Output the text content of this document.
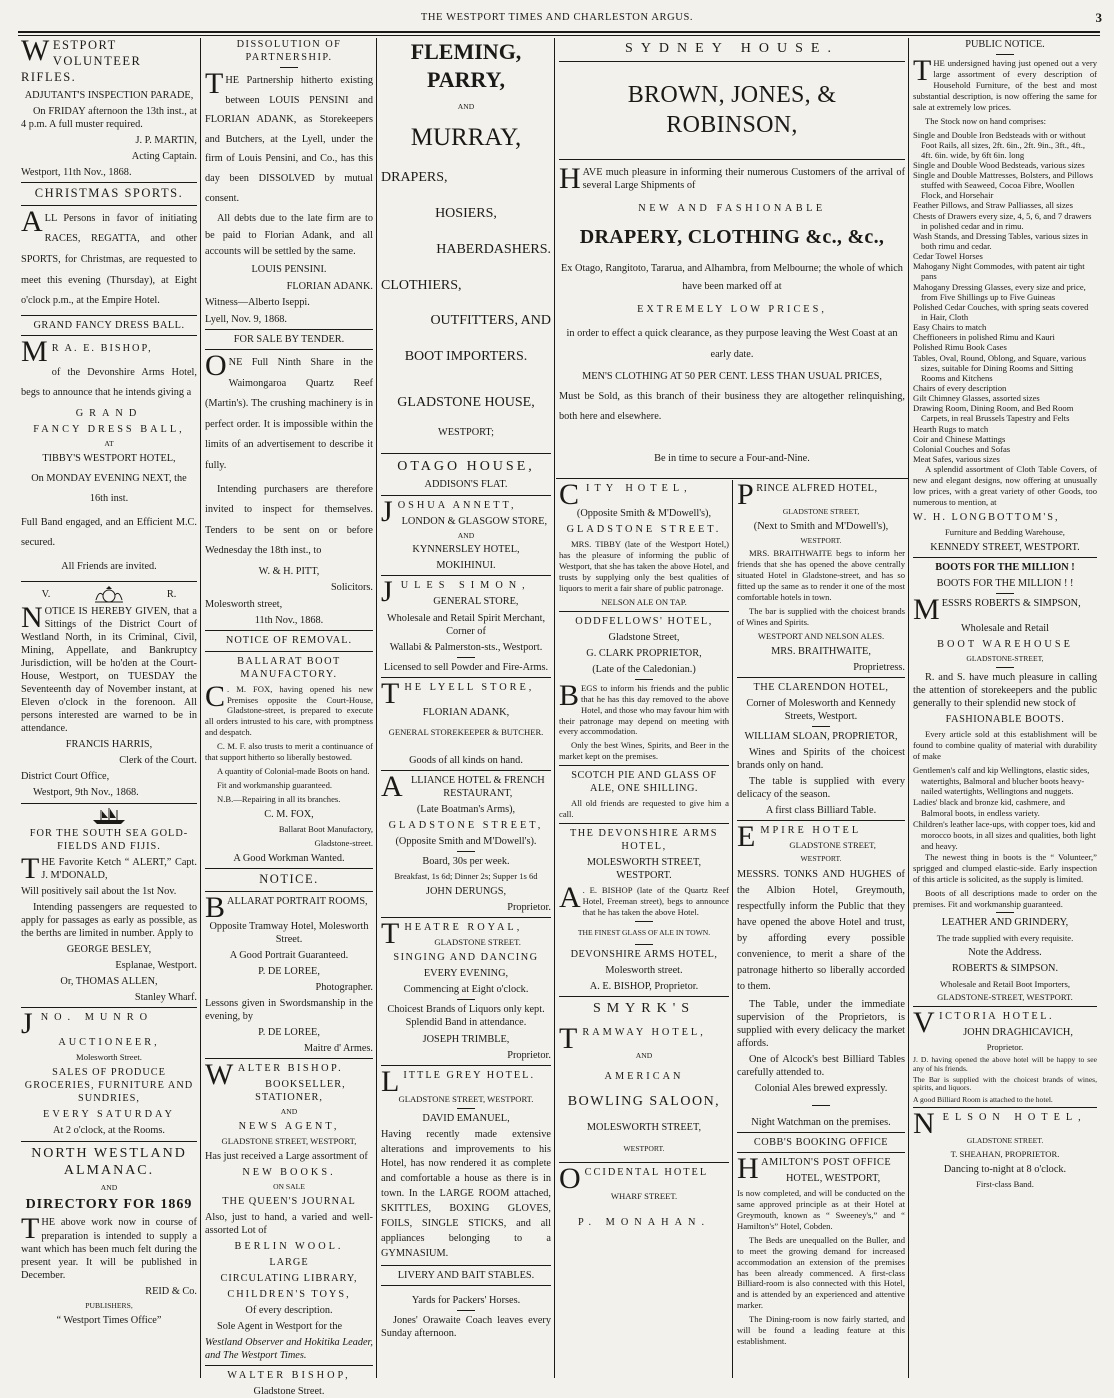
THE WESTPORT TIMES AND CHARLESTON ARGUS.	3

WESTPORT VOLUNTEER RIFLES.

ADJUTANT'S INSPECTION PARADE,

On FRIDAY afternoon the 13th inst., at 4 p.m. A full muster required.

J. P. MARTIN,

Acting Captain.

Westport, 11th Nov., 1868.

CHRISTMAS SPORTS.

ALL Persons in favor of initiating RACES, REGATTA, and other SPORTS, for Christmas, are requested to meet this evening (Thursday), at Eight o'clock p.m., at the Empire Hotel.

GRAND FANCY DRESS BALL.

M R A. E. BISHOP,

of the Devonshire Arms Hotel, begs to announce that he intends giving a

GRAND

FANCY DRESS BALL,

AT

TIBBY'S WESTPORT HOTEL,

On MONDAY EVENING NEXT, the 16th inst.

Full Band engaged, and an Efficient M.C. secured.

All Friends are invited.

V.	R.

NOTICE IS HEREBY GIVEN, that a Sittings of the District Court of Westland North, in its Criminal, Civil, Mining, Appellate, and Bankruptcy Jurisdiction, will be ho'den at the Court-House, Westport, on TUESDAY the Seventeenth day of November instant, at Eleven o'clock in the forenoon. All persons interested are warned to be in attendance.

FRANCIS HARRIS,

Clerk of the Court.

District Court Office,

Westport, 9th Nov., 1868.

FOR THE SOUTH SEA GOLD-FIELDS AND FIJIS.

THE Favorite Ketch “ ALERT,” Capt. J. M'DONALD,

Will positively sail about the 1st Nov.

Intending passengers are requested to apply for passages as early as possible, as the berths are limited in number. Apply to

GEORGE BESLEY,

Esplanae, Westport.

Or, THOMAS ALLEN,

Stanley Wharf.

JNO. MUNRO

AUCTIONEER,

Molesworth Street.

SALES OF PRODUCE GROCERIES, FURNITURE AND SUNDRIES,

EVERY SATURDAY

At 2 o'clock, at the Rooms.

NORTH WESTLAND ALMANAC.

AND

DIRECTORY FOR 1869

THE above work now in course of preparation is intended to supply a want which has been much felt during the present year. It will be published in December.

REID & Co.

PUBLISHERS,

“ Westport Times Office”

DISSOLUTION OF PARTNERSHIP.

THE Partnership hitherto existing between LOUIS PENSINI and FLORIAN ADANK, as Storekeepers and Butchers, at the Lyell, under the firm of Louis Pensini, and Co., has this day been DISSOLVED by mutual consent.

All debts due to the late firm are to be paid to Florian Adank, and all accounts will be settled by the same.

LOUIS PENSINI.

FLORIAN ADANK.

Witness—Alberto Iseppi.

Lyell, Nov. 9, 1868.

FOR SALE BY TENDER.

ONE Full Ninth Share in the Waimongaroa Quartz Reef (Martin's). The crushing machinery is in perfect order. It is impossible within the limits of an advertisement to describe it fully.

Intending purchasers are therefore invited to inspect for themselves. Tenders to be sent on or before Wednesday the 18th inst., to

W. & H. PITT,

Solicitors.

Molesworth street,

11th Nov., 1868.

NOTICE OF REMOVAL.

BALLARAT BOOT MANUFACTORY.

C . M. FOX, having opened his new Premises opposite the Court-House, Gladstone-street, is prepared to execute all orders intrusted to his care, with promptness and despatch.

C. M. F. also trusts to merit a continuance of that support hitherto so liberally bestowed.

A quantity of Colonial-made Boots on hand.

Fit and workmanship guaranteed.

N.B.—Repairing in all its branches.

C. M. FOX,

Ballarat Boot Manufactory,

Gladstone-street.

A Good Workman Wanted.

NOTICE.

BALLARAT PORTRAIT ROOMS,

Opposite Tramway Hotel, Molesworth Street.

A Good Portrait Guaranteed.

P. DE LOREE,

Photographer.

Lessons given in Swordsmanship in the evening, by

P. DE LOREE,

Maitre d' Armes.

WALTER BISHOP.

BOOKSELLER, STATIONER,

AND

NEWS AGENT,

GLADSTONE STREET, WESTPORT,

Has just received a Large assortment of

NEW BOOKS.

ON SALE

THE QUEEN'S JOURNAL

Also, just to hand, a varied and well-assorted Lot of

BERLIN WOOL.

LARGE

CIRCULATING LIBRARY,

CHILDREN'S TOYS,

Of every description.

Sole Agent in Westport for the

Westland Observer and Hokitika Leader, and The Westport Times.

WALTER BISHOP,

Gladstone Street.

FLEMING, PARRY,

AND

MURRAY,

DRAPERS,

HOSIERS,

HABERDASHERS.

CLOTHIERS,

OUTFITTERS, AND

BOOT IMPORTERS.

GLADSTONE HOUSE,

WESTPORT;

OTAGO HOUSE,

ADDISON'S FLAT.

JOSHUA ANNETT,

LONDON & GLASGOW STORE,

AND

KYNNERSLEY HOTEL,

MOKIHINUI.

JULES SIMON,

GENERAL STORE,

Wholesale and Retail Spirit Merchant, Corner of

Wallabi & Palmerston-sts., Westport.

Licensed to sell Powder and Fire-Arms.

THE LYELL STORE,

FLORIAN ADANK,

GENERAL STOREKEEPER & BUTCHER.

Goods of all kinds on hand.

ALLIANCE HOTEL & FRENCH RESTAURANT,

(Late Boatman's Arms),

GLADSTONE STREET,

(Opposite Smith and M'Dowell's).

Board, 30s per week.

Breakfast, 1s 6d; Dinner 2s; Supper 1s 6d

JOHN DERUNGS,

Proprietor.

THEATRE ROYAL,

GLADSTONE STREET.

SINGING AND DANCING

EVERY EVENING,

Commencing at Eight o'clock.

Choicest Brands of Liquors only kept. Splendid Band in attendance.

JOSEPH TRIMBLE,

Proprietor.

LITTLE GREY HOTEL.

GLADSTONE STREET, WESTPORT.

DAVID EMANUEL,

Having recently made extensive alterations and improvements to his Hotel, has now rendered it as complete and comfortable a house as there is in town. In the LARGE ROOM attached, SKITTLES, BOXING GLOVES, FOILS, SINGLE STICKS, and all appliances belonging to a GYMNASIUM.

LIVERY AND BAIT STABLES.

Yards for Packers' Horses.

Jones' Orawaite Coach leaves every Sunday afternoon.

SYDNEY HOUSE.

BROWN, JONES, & ROBINSON,

HAVE much pleasure in informing their numerous Customers of the arrival of several Large Shipments of

NEW AND FASHIONABLE

DRAPERY, CLOTHING &c., &c.,

Ex Otago, Rangitoto, Tararua, and Alhambra, from Melbourne; the whole of which have been marked off at

EXTREMELY LOW PRICES,

in order to effect a quick clearance, as they purpose leaving the West Coast at an early date.

MEN'S CLOTHING AT 50 PER CENT. LESS THAN USUAL PRICES,

Must be Sold, as this branch of their business they are altogether relinquishing, both here and elsewhere.

Be in time to secure a Four-and-Nine.

CITY HOTEL,

(Opposite Smith & M'Dowell's),

GLADSTONE STREET.

MRS. TIBBY (late of the Westport Hotel,) has the pleasure of informing the public of Westport, that she has taken the above Hotel, and trusts by supplying only the best qualities of liquors to merit a fair share of public patronage.

NELSON ALE ON TAP.

ODDFELLOWS' HOTEL,

Gladstone Street,

G. CLARK PROPRIETOR,

(Late of the Caledonian.)

BEGS to inform his friends and the public that he has this day removed to the above Hotel, and those who may favour him with their patronage may depend on meeting with every accommodation.

Only the best Wines, Spirits, and Beer in the market kept on the premises.

SCOTCH PIE AND GLASS OF ALE, ONE SHILLING.

All old friends are requested to give him a call.

THE DEVONSHIRE ARMS HOTEL,

MOLESWORTH STREET, WESTPORT.

A . E. BISHOP (late of the Quartz Reef Hotel, Freeman street), begs to announce that he has taken the above Hotel.

THE FINEST GLASS OF ALE IN TOWN.

DEVONSHIRE ARMS HOTEL,

Molesworth street.

A. E. BISHOP, Proprietor.

SMYRK'S

TRAMWAY HOTEL,

AND

AMERICAN

BOWLING SALOON,

MOLESWORTH STREET,

WESTPORT.

OCCIDENTAL HOTEL

WHARF STREET.

P. MONAHAN.

PRINCE ALFRED HOTEL,

GLADSTONE STREET,

(Next to Smith and M'Dowell's),

WESTPORT.

MRS. BRAITHWAITE begs to inform her friends that she has opened the above centrally situated Hotel in Gladstone-street, and has so fitted up the same as to render it one of the most comfortable hotels in town.

The bar is supplied with the choicest brands of Wines and Spirits.

WESTPORT AND NELSON ALES.

MRS. BRAITHWAITE,

Proprietress.

THE CLARENDON HOTEL,

Corner of Molesworth and Kennedy Streets, Westport.

WILLIAM SLOAN, PROPRIETOR,

Wines and Spirits of the choicest brands only on hand.

The table is supplied with every delicacy of the season.

A first class Billiard Table.

EMPIRE HOTEL

GLADSTONE STREET,

WESTPORT.

MESSRS. TONKS AND HUGHES of the Albion Hotel, Greymouth, respectfully inform the Public that they have opened the above Hotel and trust, by affording every possible convenience, to merit a share of the patronage hitherto so liberally accorded to them.

The Table, under the immediate supervision of the Proprietors, is supplied with every delicacy the market affords.

One of Alcock's best Billiard Tables carefully attended to.

Colonial Ales brewed expressly.

Night Watchman on the premises.

COBB'S BOOKING OFFICE

HAMILTON'S POST OFFICE

HOTEL, WESTPORT,

Is now completed, and will be conducted on the same approved principle as at their Hotel at Greymouth, known as “ Sweeney's,” and “ Hamilton's” Hotel, Cobden.

The Beds are unequalled on the Buller, and to meet the growing demand for increased accommodation an extension of the premises has been already commenced. A first-class Billiard-room is also connected with this Hotel, and is attended by an experienced and attentive marker.

The Dining-room is now fairly started, and will be found a leading feature at this establishment.

PUBLIC NOTICE.

THE undersigned having just opened out a very large assortment of every description of Household Furniture, of the best and most substantial description, is now offering the same for sale at extremely low prices.

The Stock now on hand comprises:

Single and Double Iron Bedsteads with or without Foot Rails, all sizes, 2ft. 6in., 2ft. 9in., 3ft., 4ft., 4ft. 6in. wide, by 6ft 6in. long
Single and Double Wood Bedsteads, various sizes
Single and Double Mattresses, Bolsters, and Pillows stuffed with Seaweed, Cocoa Fibre, Woollen Flock, and Horsehair
Feather Pillows, and Straw Palliasses, all sizes
Chests of Drawers every size, 4, 5, 6, and 7 drawers in polished cedar and in rimu.
Wash Stands, and Dressing Tables, various sizes in both rimu and cedar.
Cedar Towel Horses
Mahogany Night Commodes, with patent air tight pans
Mahogany Dressing Glasses, every size and price, from Five Shillings up to Five Guineas
Polished Cedar Couches, with spring seats covered in Hair, Cloth
Easy Chairs to match
Cheffioneers in polished Rimu and Kauri
Polished Rimu Book Cases
Tables, Oval, Round, Oblong, and Square, various sizes, suitable for Dining Rooms and Sitting Rooms and Kitchens
Chairs of every description
Gilt Chimney Glasses, assorted sizes
Drawing Room, Dining Room, and Bed Room Carpets, in real Brussels Tapestry and Felts
Hearth Rugs to match
Coir and Chinese Mattings
Colonial Couches and Sofas
Meat Safes, various sizes

A splendid assortment of Cloth Table Covers, of new and elegant designs, now offering at unusually low prices, with a great variety of other Goods, too numerous to mention, at

W. H. LONGBOTTOM'S,

Furniture and Bedding Warehouse,

KENNEDY STREET, WESTPORT.

BOOTS FOR THE MILLION !

BOOTS FOR THE MILLION ! !

MESSRS ROBERTS & SIMPSON,

Wholesale and Retail

BOOT WAREHOUSE

GLADSTONE-STREET,

R. and S. have much pleasure in calling the attention of storekeepers and the public generally to their splendid new stock of

FASHIONABLE BOOTS.

Every article sold at this establishment will be found to combine quality of material with durability of make

Gentlemen's calf and kip Wellingtons, elastic sides, watertights, Balmoral and blucher boots heavy-nailed watertights, Wellingtons and nuggets.
Ladies' black and bronze kid, cashmere, and Balmoral boots, in endless variety.
Children's leather lace-ups, with copper toes, kid and morocco boots, in all sizes and qualities, both light and heavy.

The newest thing in boots is the “ Volunteer,” sprigged and clumped elastic-side. Early inspection of this article is solicited, as the supply is limited.

Boots of all descriptions made to order on the premises. Fit and workmanship guaranteed.

LEATHER AND GRINDERY,

The trade supplied with every requisite.

Note the Address.

ROBERTS & SIMPSON.

Wholesale and Retail Boot Importers,

GLADSTONE-STREET, WESTPORT.

VICTORIA HOTEL.

JOHN DRAGHICAVICH,

Proprietor.

J. D. having opened the above hotel will be happy to see any of his friends.

The Bar is supplied with the choicest brands of wines, spirits, and liquors.

A good Billiard Room is attached to the hotel.

NELSON HOTEL,

GLADSTONE STREET.

T. SHEAHAN, PROPRIETOR.

Dancing to-night at 8 o'clock.

First-class Band.
